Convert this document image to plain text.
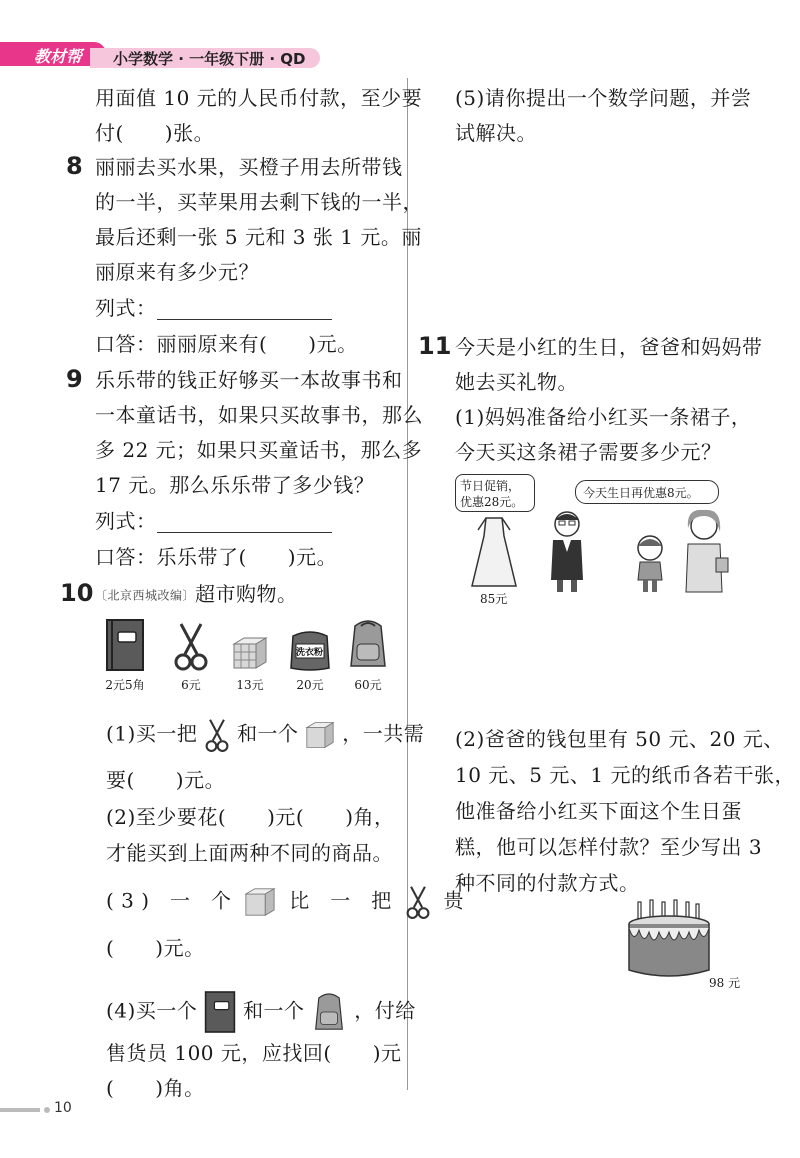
教材帮 小学数学 · 一年级下册 · QD
用面值 10 元的人民币付款，至少要
付(　　)张。
8 丽丽去买水果，买橙子用去所带钱
的一半，买苹果用去剩下钱的一半，
最后还剩一张 5 元和 3 张 1 元。丽
丽原来有多少元？
列式：
口答：丽丽原来有(　　)元。
9 乐乐带的钱正好够买一本故事书和
一本童话书，如果只买故事书，那么
多 22 元；如果只买童话书，那么多
17 元。那么乐乐带了多少钱？
列式：
口答：乐乐带了(　　)元。
10 〔北京西城改编〕超市购物。
洗衣粉
2元5角	6元	13元	20元	60元
(1)买一把 和一个 ，一共需
要(　　)元。
(2)至少要花(　　)元(　　)角，
才能买到上面两种不同的商品。
( 3 )　一　个	比　一　把	贵
(　　)元。
(4)买一个 和一个 ，付给
售货员 100 元，应找回(　　)元
(　　)角。
(5)请你提出一个数学问题，并尝
试解决。
11 今天是小红的生日，爸爸和妈妈带
她去买礼物。
(1)妈妈准备给小红买一条裙子，
今天买这条裙子需要多少元？
节日促销，
优惠28元。
今天生日再优惠8元。
85元
(2)爸爸的钱包里有 50 元、20 元、
10 元、5 元、1 元的纸币各若干张，
他准备给小红买下面这个生日蛋
糕，他可以怎样付款？至少写出 3
种不同的付款方式。
98 元
10
